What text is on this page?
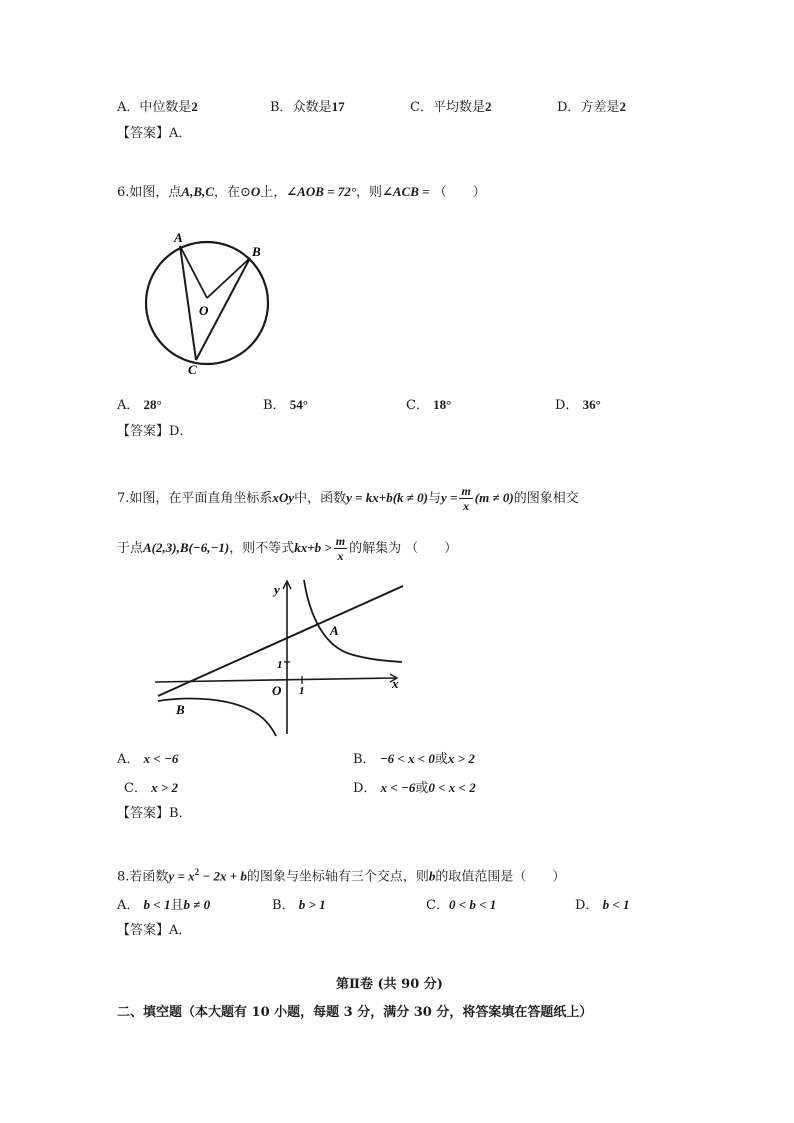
A．中位数是2	B．众数是17	C．平均数是2	D．方差是2
【答案】A．
6.如图，点A,B,C，在⊙O上，∠AOB = 72°，则∠ACB = （　　）
A
B
O
C
A． 28°	B． 54°	C． 18°	D． 36°
【答案】D．
7.如图，在平面直角坐标系xOy中，函数y = kx+b(k ≠ 0)与$y = \frac{m}{x} (m \ne 0)$的图象相交
于点A(2,3),B(−6,−1)，则不等式$kx+b > \frac{m}{x}$ 的解集为 （　　）
y
x
O
A
B
1
1
A． x < −6	B． −6 < x < 0或x > 2
C． x > 2	D． x < −6或0 < x < 2
【答案】B．
8.若函数$y = x^2 - 2x + b$的图象与坐标轴有三个交点，则b的取值范围是（　　）
A． b < 1且b ≠ 0	B． b > 1	C．0 < b < 1	D． b < 1
【答案】A．
第Ⅱ卷 (共 90 分)
二、填空题（本大题有 10 小题，每题 3 分，满分 30 分，将答案填在答题纸上）
